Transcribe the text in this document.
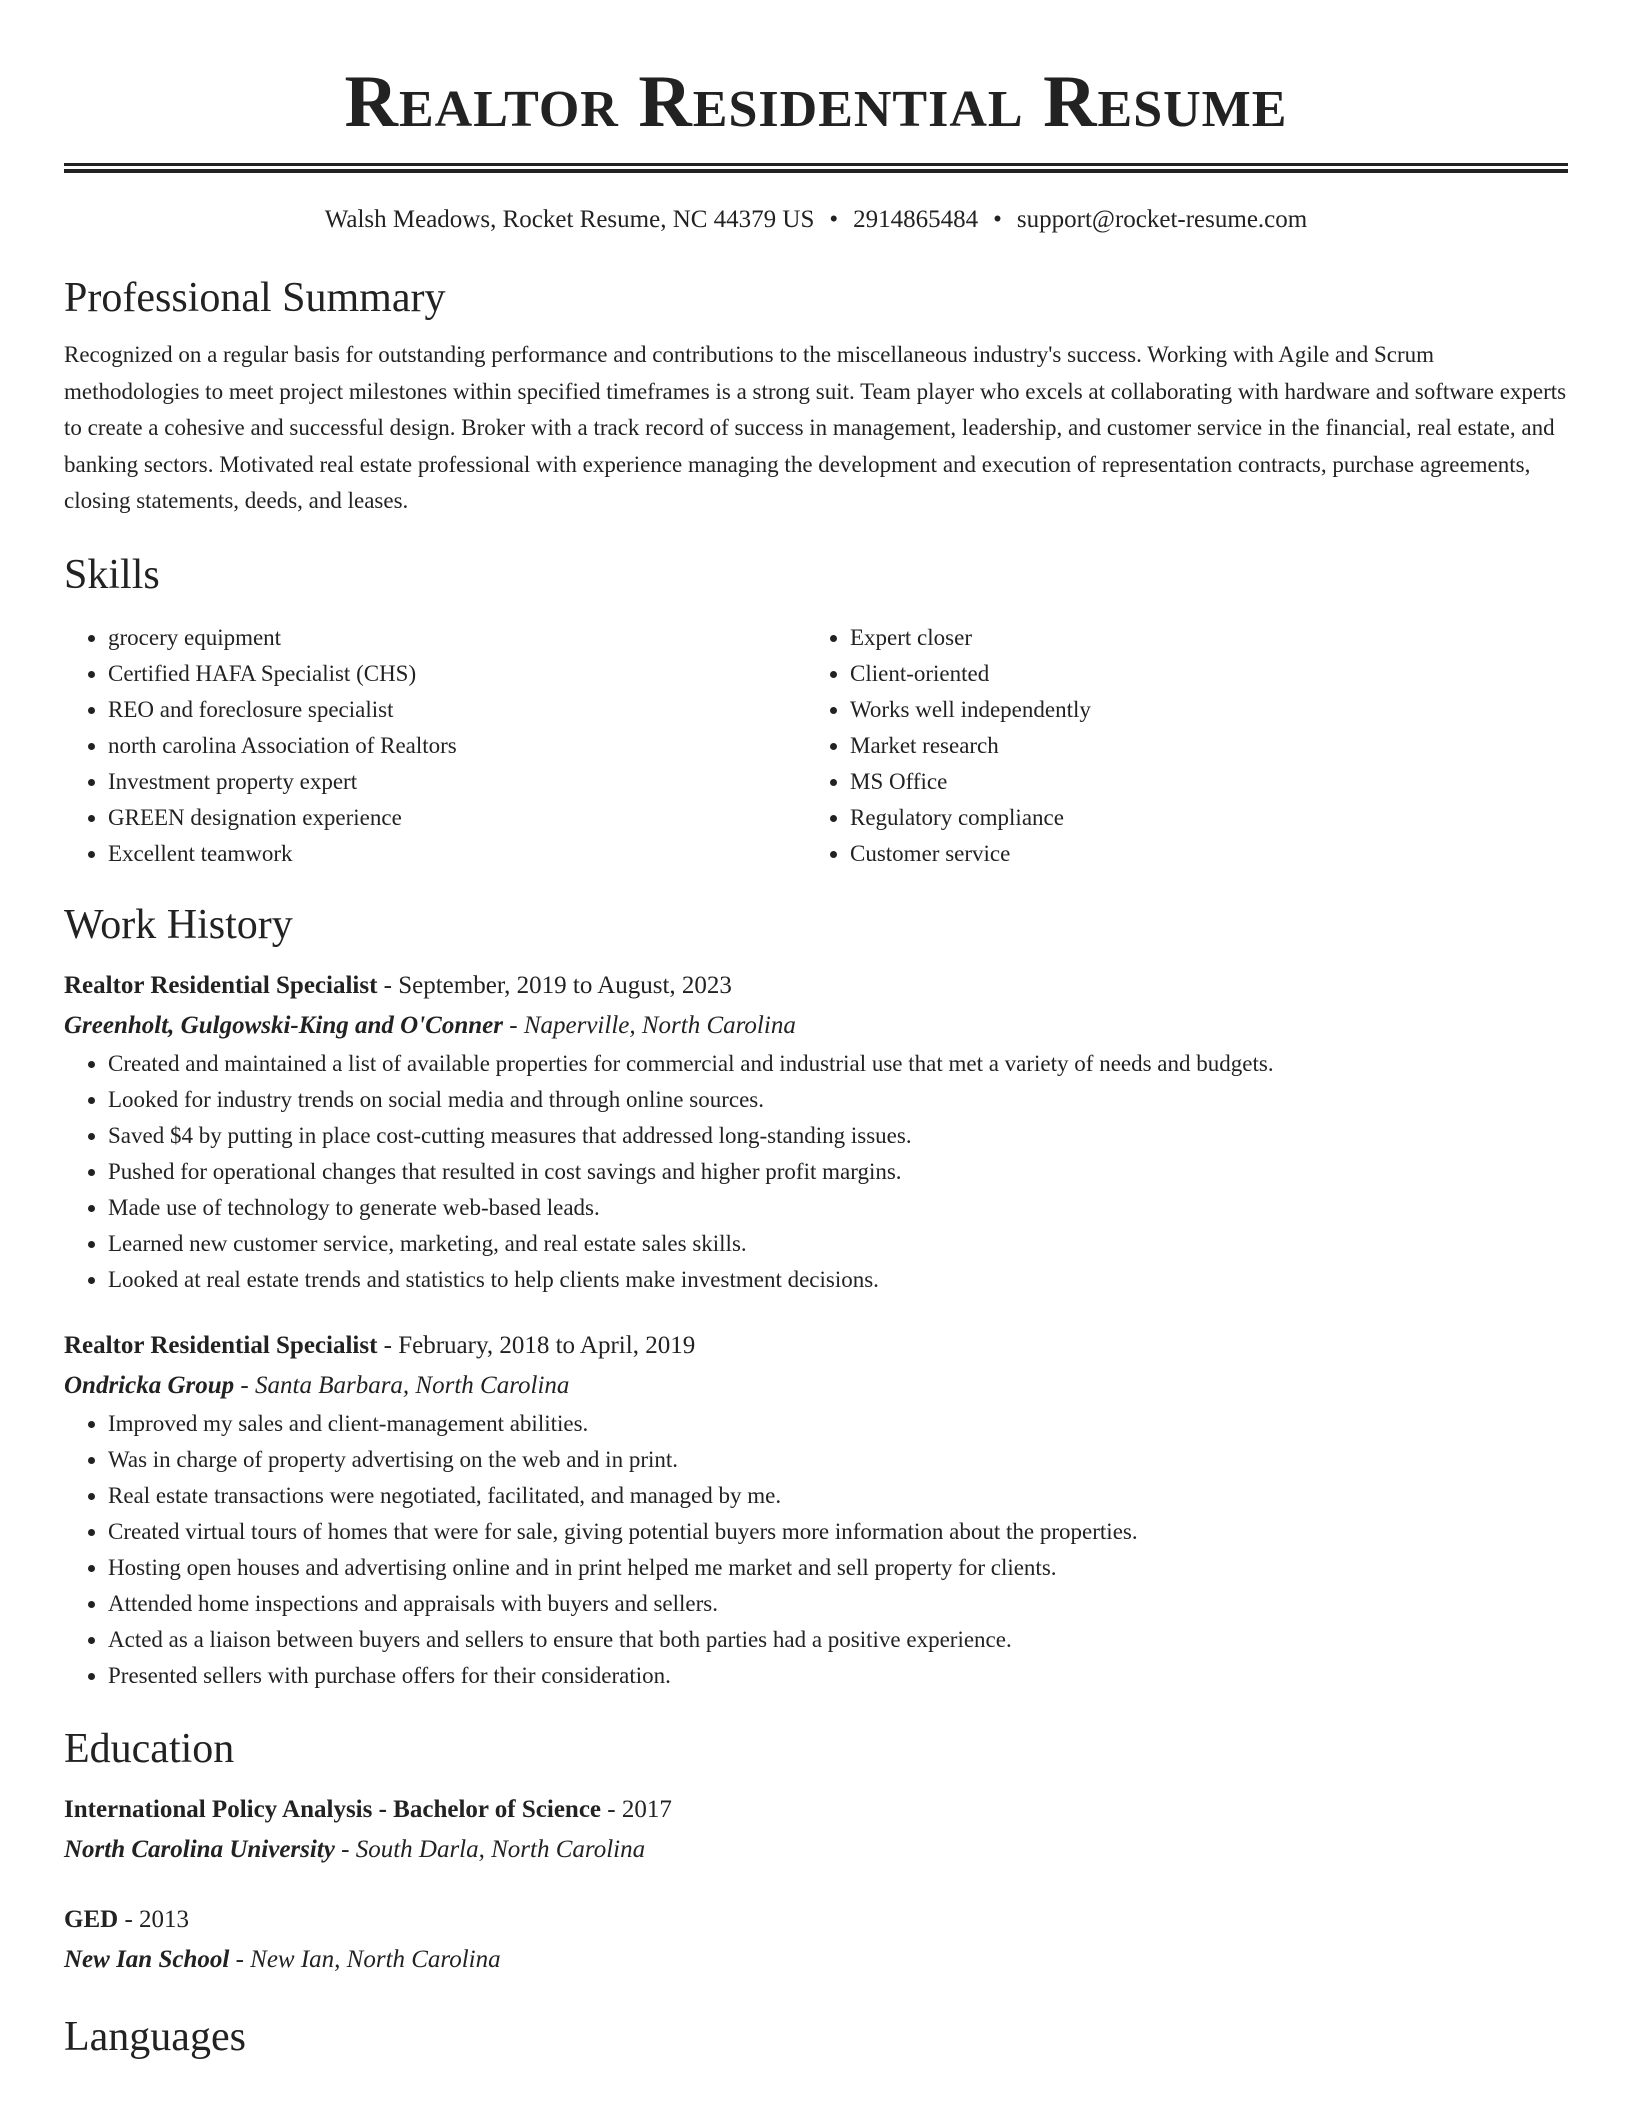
Realtor Residential Resume
Walsh Meadows, Rocket Resume, NC 44379 US • 2914865484 • support@rocket-resume.com
Professional Summary

Recognized on a regular basis for outstanding performance and contributions to the miscellaneous industry's success. Working with Agile and Scrum methodologies to meet project milestones within specified timeframes is a strong suit. Team player who excels at collaborating with hardware and software experts to create a cohesive and successful design. Broker with a track record of success in management, leadership, and customer service in the financial, real estate, and banking sectors. Motivated real estate professional with experience managing the development and execution of representation contracts, purchase agreements, closing statements, deeds, and leases.

Skills
• grocery equipment
• Certified HAFA Specialist (CHS)
• REO and foreclosure specialist
• north carolina Association of Realtors
• Investment property expert
• GREEN designation experience
• Excellent teamwork
• Expert closer
• Client-oriented
• Works well independently
• Market research
• MS Office
• Regulatory compliance
• Customer service
Work History
Realtor Residential Specialist - September, 2019 to August, 2023
Greenholt, Gulgowski-King and O'Conner - Naperville, North Carolina
• Created and maintained a list of available properties for commercial and industrial use that met a variety of needs and budgets.
• Looked for industry trends on social media and through online sources.
• Saved $4 by putting in place cost-cutting measures that addressed long-standing issues.
• Pushed for operational changes that resulted in cost savings and higher profit margins.
• Made use of technology to generate web-based leads.
• Learned new customer service, marketing, and real estate sales skills.
• Looked at real estate trends and statistics to help clients make investment decisions.
Realtor Residential Specialist - February, 2018 to April, 2019
Ondricka Group - Santa Barbara, North Carolina
• Improved my sales and client-management abilities.
• Was in charge of property advertising on the web and in print.
• Real estate transactions were negotiated, facilitated, and managed by me.
• Created virtual tours of homes that were for sale, giving potential buyers more information about the properties.
• Hosting open houses and advertising online and in print helped me market and sell property for clients.
• Attended home inspections and appraisals with buyers and sellers.
• Acted as a liaison between buyers and sellers to ensure that both parties had a positive experience.
• Presented sellers with purchase offers for their consideration.
Education
International Policy Analysis - Bachelor of Science - 2017
North Carolina University - South Darla, North Carolina
GED - 2013
New Ian School - New Ian, North Carolina
Languages
